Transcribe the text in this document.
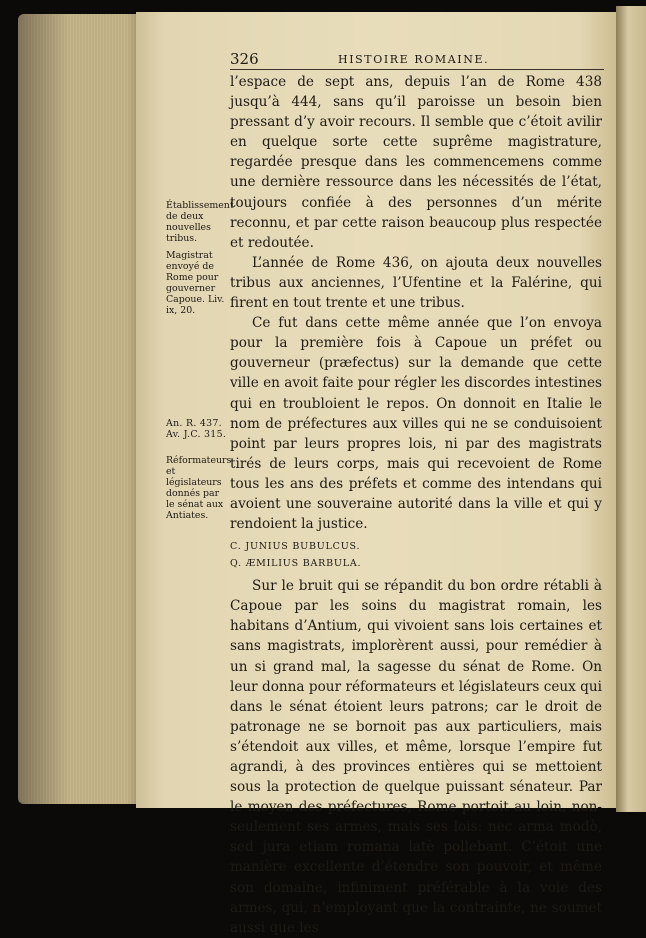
326	HISTOIRE ROMAINE.

l’espace de sept ans, depuis l’an de Rome 438 jusqu’à 444, sans qu’il paroisse un besoin bien pressant d’y avoir recours. Il semble que c’étoit avilir en quelque sorte cette suprême magistrature, regardée presque dans les commencemens comme une dernière ressource dans les nécessités de l’état, toujours confiée à des personnes d’un mérite reconnu, et par cette raison beaucoup plus respectée et redoutée.

L’année de Rome 436, on ajouta deux nouvelles tribus aux anciennes, l’Ufentine et la Falérine, qui firent en tout trente et une tribus.

Ce fut dans cette même année que l’on envoya pour la première fois à Capoue un préfet ou gouverneur (præfectus) sur la demande que cette ville en avoit faite pour régler les discordes intestines qui en troubloient le repos. On donnoit en Italie le nom de préfectures aux villes qui ne se conduisoient point par leurs propres lois, ni par des magistrats tirés de leurs corps, mais qui recevoient de Rome tous les ans des préfets et comme des intendans qui avoient une souveraine autorité dans la ville et qui y rendoient la justice.

C. JUNIUS BUBULCUS.

Q. ÆMILIUS BARBULA.

Sur le bruit qui se répandit du bon ordre rétabli à Capoue par les soins du magistrat romain, les habitans d’Antium, qui vivoient sans lois certaines et sans magistrats, implorèrent aussi, pour remédier à un si grand mal, la sagesse du sénat de Rome. On leur donna pour réformateurs et législateurs ceux qui dans le sénat étoient leurs patrons; car le droit de patronage ne se bornoit pas aux particuliers, mais s’étendoit aux villes, et même, lorsque l’empire fut agrandi, à des provinces entières qui se mettoient sous la protection de quelque puissant sénateur. Par le moyen des préfectures, Rome portoit au loin, non-seulement ses armes, mais ses lois: nec arma modò, sed jura etiam romana latè pollebant. C’étoit une manière excellente d’étendre son pouvoir, et même son domaine, infiniment préférable à la voie des armes, qui, n’employant que la contrainte, ne soumet aussi que les

Établissement de deux nouvelles tribus.
Magistrat envoyé de Rome pour gouverner Capoue. Liv. ix, 20.
An. R. 437. Av. J.C. 315.
Réformateurs et législateurs donnés par le sénat aux Antiates.
